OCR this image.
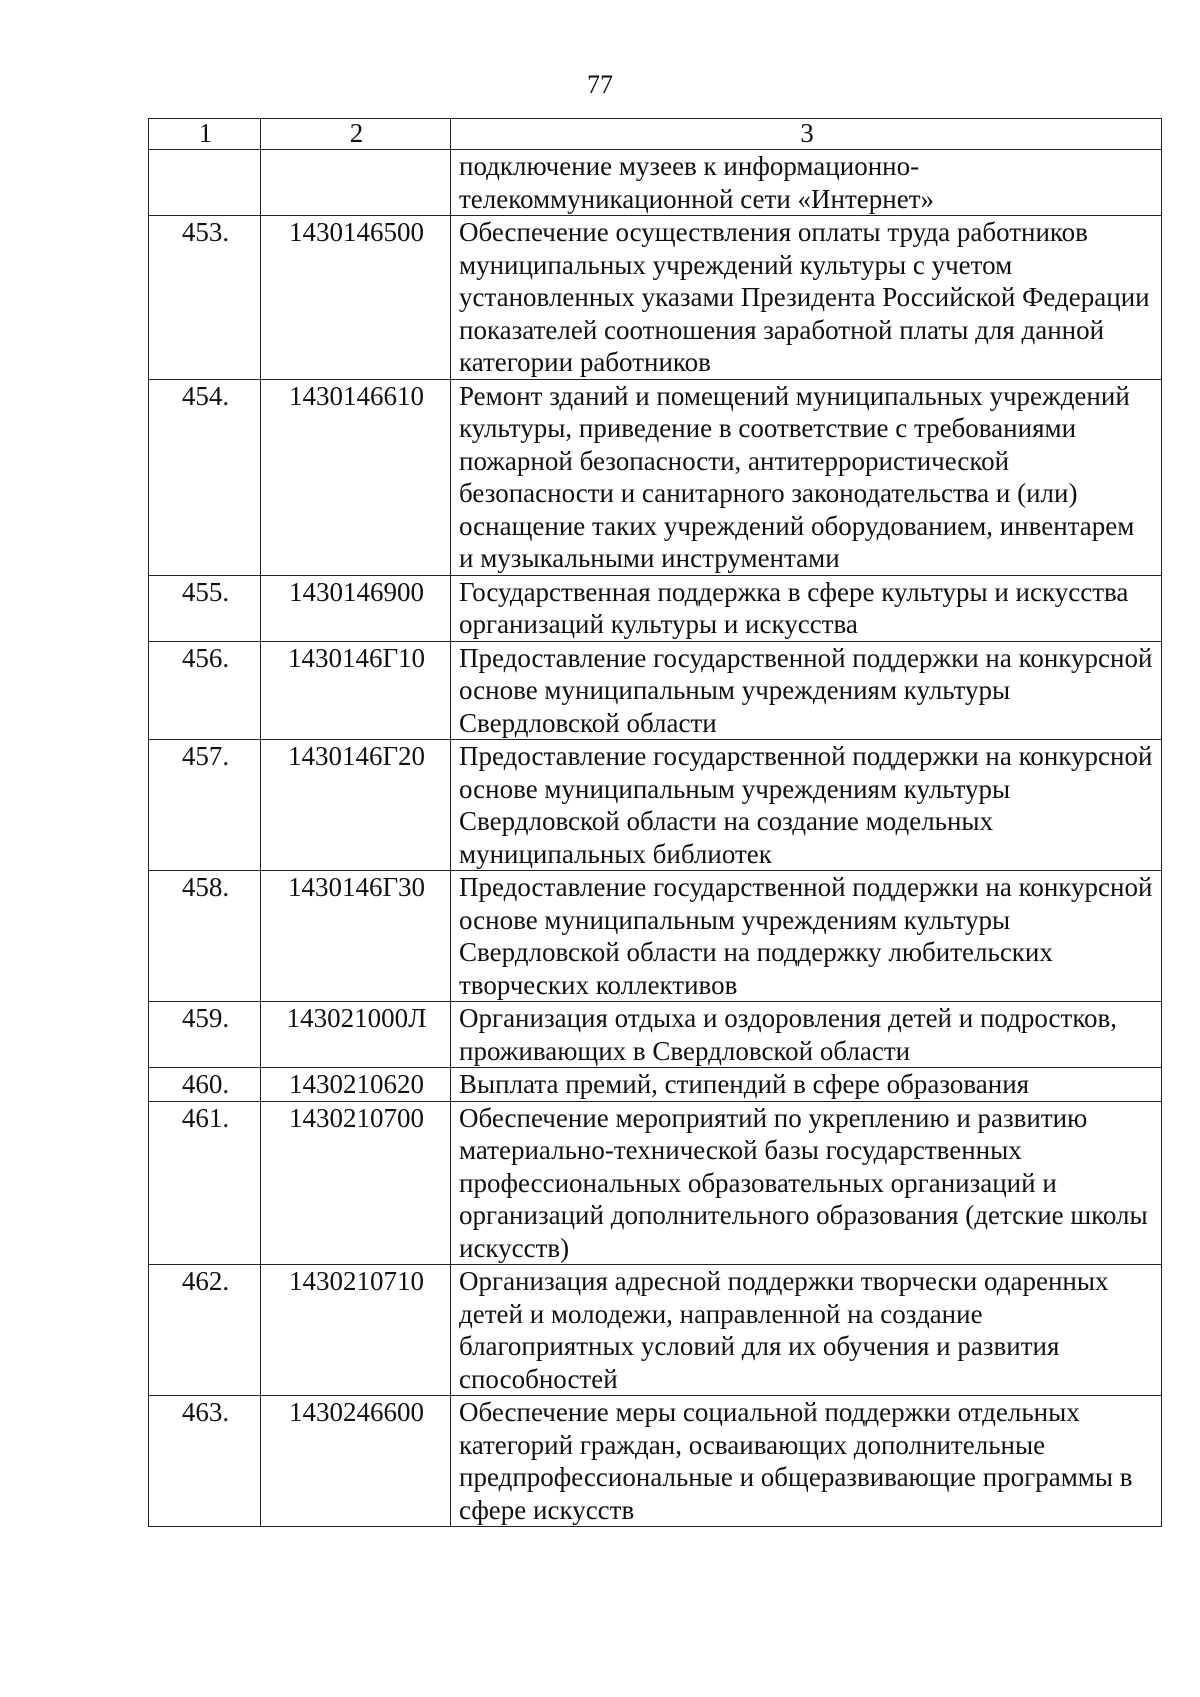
77
1	2	3
		подключение музеев к информационно-телекоммуникационной сети «Интернет»
453.	1430146500	Обеспечение осуществления оплаты труда работников муниципальных учреждений культуры с учетом установленных указами Президента Российской Федерации показателей соотношения заработной платы для данной категории работников
454.	1430146610	Ремонт зданий и помещений муниципальных учреждений культуры, приведение в соответствие с требованиями пожарной безопасности, антитеррористической безопасности и санитарного законодательства и (или) оснащение таких учреждений оборудованием, инвентарем и музыкальными инструментами
455.	1430146900	Государственная поддержка в сфере культуры и искусства организаций культуры и искусства
456.	1430146Г10	Предоставление государственной поддержки на конкурсной основе муниципальным учреждениям культуры Свердловской области
457.	1430146Г20	Предоставление государственной поддержки на конкурсной основе муниципальным учреждениям культуры Свердловской области на создание модельных муниципальных библиотек
458.	1430146Г30	Предоставление государственной поддержки на конкурсной основе муниципальным учреждениям культуры Свердловской области на поддержку любительских творческих коллективов
459.	143021000Л	Организация отдыха и оздоровления детей и подростков, проживающих в Свердловской области
460.	1430210620	Выплата премий, стипендий в сфере образования
461.	1430210700	Обеспечение мероприятий по укреплению и развитию материально-технической базы государственных профессиональных образовательных организаций и организаций дополнительного образования (детские школы искусств)
462.	1430210710	Организация адресной поддержки творчески одаренных детей и молодежи, направленной на создание благоприятных условий для их обучения и развития способностей
463.	1430246600	Обеспечение меры социальной поддержки отдельных категорий граждан, осваивающих дополнительные предпрофессиональные и общеразвивающие программы в сфере искусств
